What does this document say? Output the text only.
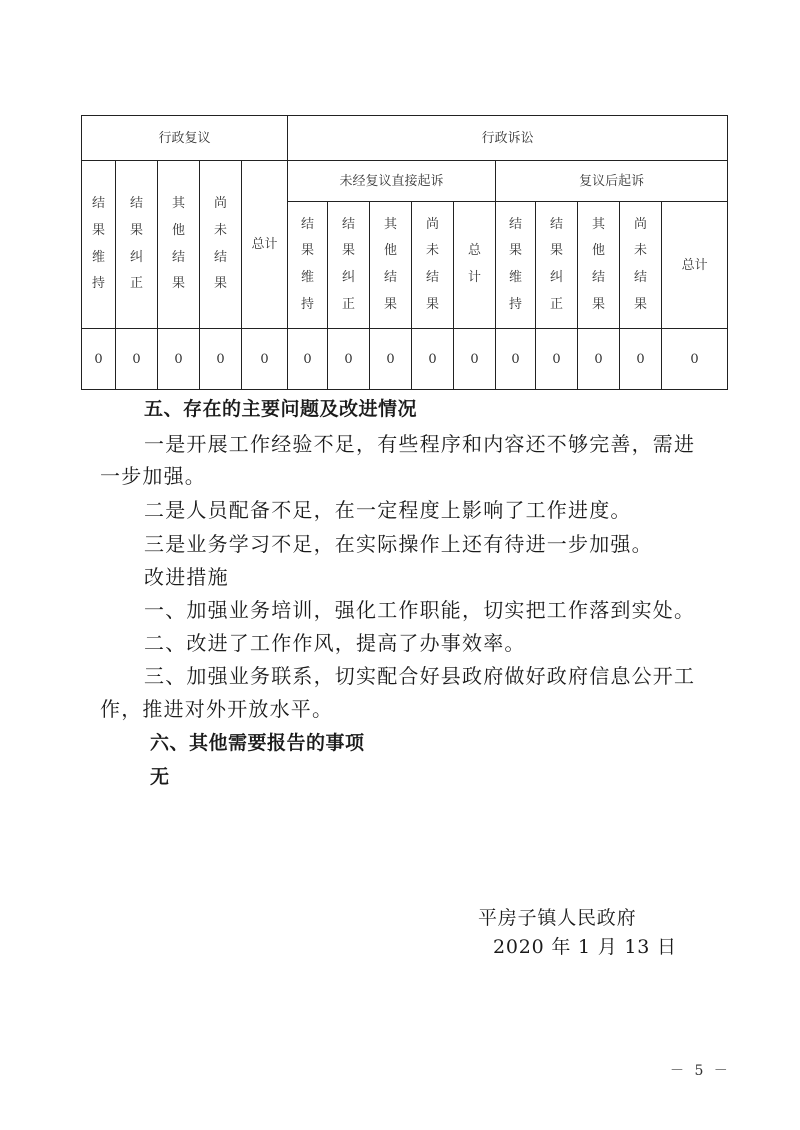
行政复议					行政诉讼									
结果维持	结果纠正	其他结果	尚未结果	总计	未经复议直接起诉					复议后起诉				
					结果维持	结果纠正	其他结果	尚未结果	总计	结果维持	结果纠正	其他结果	尚未结果	总计
0	0	0	0	0	0	0	0	0	0	0	0	0	0	0

五、存在的主要问题及改进情况

一是开展工作经验不足，有些程序和内容还不够完善，需进

一步加强。

二是人员配备不足，在一定程度上影响了工作进度。

三是业务学习不足，在实际操作上还有待进一步加强。

改进措施

一、加强业务培训，强化工作职能，切实把工作落到实处。

二、改进了工作作风，提高了办事效率。

三、加强业务联系，切实配合好县政府做好政府信息公开工

作，推进对外开放水平。

六、其他需要报告的事项

无

平房子镇人民政府
2020 年 1 月 13 日
－ 5 －
